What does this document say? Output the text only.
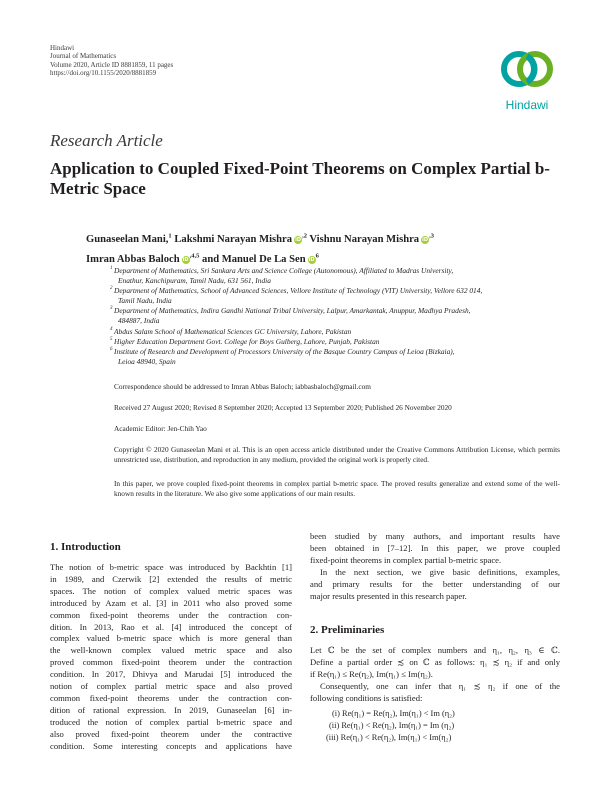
Hindawi
Journal of Mathematics
Volume 2020, Article ID 8881859, 11 pages
https://doi.org/10.1155/2020/8881859
Hindawi
Research Article
Application to Coupled Fixed-Point Theorems on Complex Partial b-Metric Space
Gunaseelan Mani,$^1$ Lakshmi Narayan Mishra $iD^{,2}$ Vishnu Narayan Mishra $iD^{,3}$
Imran Abbas Baloch $iD^{,4,5}$ and Manuel De La Sen $iD^6$
1 Department of Mathematics, Sri Sankara Arts and Science College (Autonomous), Affiliated to Madras University,
Enathur, Kanchipuram, Tamil Nadu, 631 561, India
2 Department of Mathematics, School of Advanced Sciences, Vellore Institute of Technology (VIT) University, Vellore 632 014,
Tamil Nadu, India
3 Department of Mathematics, Indira Gandhi National Tribal University, Lalpur, Amarkantak, Anuppur, Madhya Pradesh,
484887, India
4 Abdus Salam School of Mathematical Sciences GC University, Lahore, Pakistan
5 Higher Education Department Govt. College for Boys Gulberg, Lahore, Punjab, Pakistan
6 Institute of Research and Development of Processors University of the Basque Country Campus of Leioa (Bizkaia),
Leioa 48940, Spain
Correspondence should be addressed to Imran Abbas Baloch; iabbasbaloch@gmail.com
Received 27 August 2020; Revised 8 September 2020; Accepted 13 September 2020; Published 26 November 2020
Academic Editor: Jen-Chih Yao
Copyright © 2020 Gunaseelan Mani et al. This is an open access article distributed under the Creative Commons Attribution License, which permits unrestricted use, distribution, and reproduction in any medium, provided the original work is properly cited.
In this paper, we prove coupled fixed-point theorems in complex partial b-metric space. The proved results generalize and extend some of the well-known results in the literature. We also give some applications of our main results.
1. Introduction
The notion of b-metric space was introduced by Backhtin [1]
in 1989, and Czerwik [2] extended the results of metric
spaces. The notion of complex valued metric spaces was
introduced by Azam et al. [3] in 2011 who also proved some
common fixed-point theorems under the contraction con-
dition. In 2013, Rao et al. [4] introduced the concept of
complex valued b-metric space which is more general than
the well-known complex valued metric space and also
proved common fixed-point theorem under the contraction
condition. In 2017, Dhivya and Marudai [5] introduced the
notion of complex partial metric space and also proved
common fixed-point theorems under the contraction con-
dition of rational expression. In 2019, Gunaseelan [6] in-
troduced the notion of complex partial b-metric space and
also proved fixed-point theorem under the contractive
condition. Some interesting concepts and applications have
been studied by many authors, and important results have
been obtained in [7–12]. In this paper, we prove coupled
fixed-point theorems in complex partial b-metric space.
In the next section, we give basic definitions, examples,
and primary results for the better understanding of our
major results presented in this research paper.
2. Preliminaries
Let ℂ be the set of complex numbers and η₁, η₂, η₃ ∈ ℂ.
Define a partial order ≾ on ℂ as follows: η₁ ≾ η₂ if and only
if Re(η₁) ≤ Re(η₂), Im(η₁) ≤ Im(η₂).
Consequently, one can infer that η₁ ≾ η₂ if one of the
following conditions is satisfied:
(i) Re(η₁) = Re(η₂), Im(η₁) < Im (η₂)
(ii) Re(η₁) < Re(η₂), Im(η₁) = Im (η₂)
(iii) Re(η₁) < Re(η₂), Im(η₁) < Im(η₂)
